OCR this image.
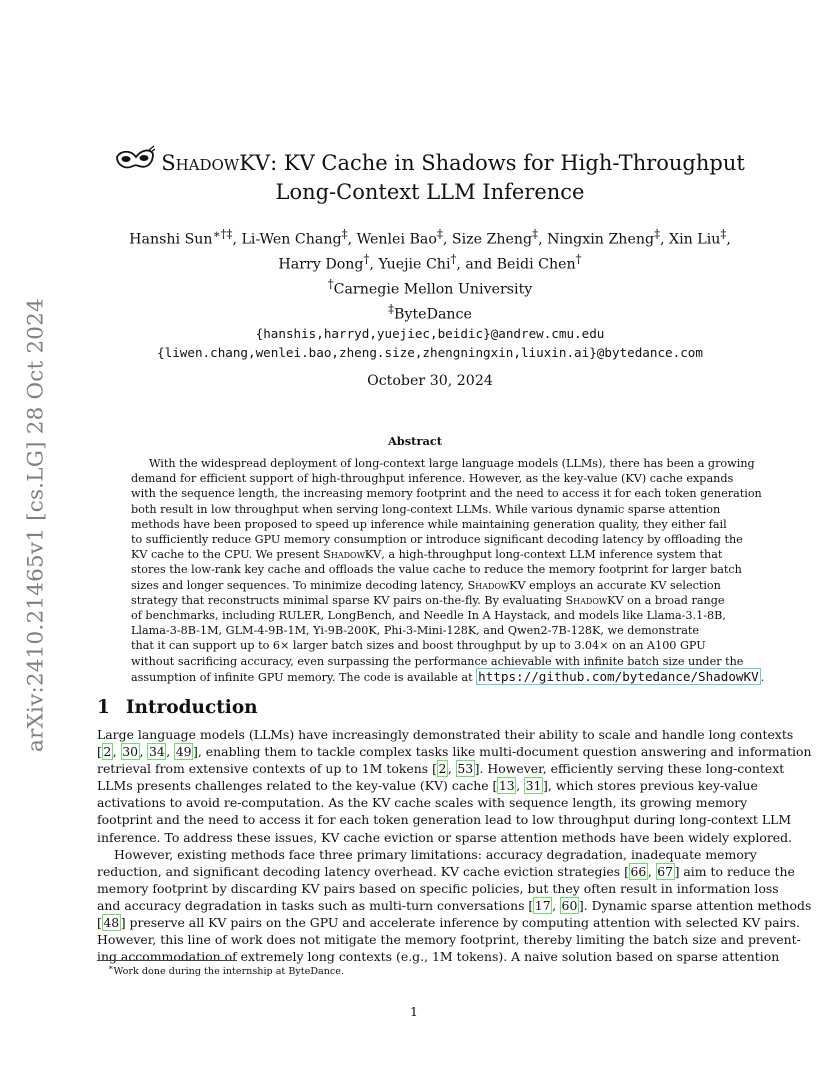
arXiv:2410.21465v1 [cs.LG] 28 Oct 2024
ShadowKV: KV Cache in Shadows for High-Throughput
Long-Context LLM Inference
Hanshi Sun∗†‡, Li-Wen Chang‡, Wenlei Bao‡, Size Zheng‡, Ningxin Zheng‡, Xin Liu‡,
Harry Dong†, Yuejie Chi†, and Beidi Chen†
†Carnegie Mellon University
‡ByteDance
{hanshis,harryd,yuejiec,beidic}@andrew.cmu.edu
{liwen.chang,wenlei.bao,zheng.size,zhengningxin,liuxin.ai}@bytedance.com
October 30, 2024
Abstract
With the widespread deployment of long-context large language models (LLMs), there has been a growing
demand for efficient support of high-throughput inference. However, as the key-value (KV) cache expands
with the sequence length, the increasing memory footprint and the need to access it for each token generation
both result in low throughput when serving long-context LLMs. While various dynamic sparse attention
methods have been proposed to speed up inference while maintaining generation quality, they either fail
to sufficiently reduce GPU memory consumption or introduce significant decoding latency by offloading the
KV cache to the CPU. We present ShadowKV, a high-throughput long-context LLM inference system that
stores the low-rank key cache and offloads the value cache to reduce the memory footprint for larger batch
sizes and longer sequences. To minimize decoding latency, ShadowKV employs an accurate KV selection
strategy that reconstructs minimal sparse KV pairs on-the-fly. By evaluating ShadowKV on a broad range
of benchmarks, including RULER, LongBench, and Needle In A Haystack, and models like Llama-3.1-8B,
Llama-3-8B-1M, GLM-4-9B-1M, Yi-9B-200K, Phi-3-Mini-128K, and Qwen2-7B-128K, we demonstrate
that it can support up to 6× larger batch sizes and boost throughput by up to 3.04× on an A100 GPU
without sacrificing accuracy, even surpassing the performance achievable with infinite batch size under the
assumption of infinite GPU memory. The code is available at https://github.com/bytedance/ShadowKV .
1 Introduction
Large language models (LLMs) have increasingly demonstrated their ability to scale and handle long contexts
[ 2 , 30 , 34 , 49 ], enabling them to tackle complex tasks like multi-document question answering and information
retrieval from extensive contexts of up to 1M tokens [ 2 , 53 ]. However, efficiently serving these long-context
LLMs presents challenges related to the key-value (KV) cache [ 13 , 31 ], which stores previous key-value
activations to avoid re-computation. As the KV cache scales with sequence length, its growing memory
footprint and the need to access it for each token generation lead to low throughput during long-context LLM
inference. To address these issues, KV cache eviction or sparse attention methods have been widely explored.
However, existing methods face three primary limitations: accuracy degradation, inadequate memory
reduction, and significant decoding latency overhead. KV cache eviction strategies [ 66 , 67 ] aim to reduce the
memory footprint by discarding KV pairs based on specific policies, but they often result in information loss
and accuracy degradation in tasks such as multi-turn conversations [ 17 , 60 ]. Dynamic sparse attention methods
[ 48 ] preserve all KV pairs on the GPU and accelerate inference by computing attention with selected KV pairs.
However, this line of work does not mitigate the memory footprint, thereby limiting the batch size and prevent-
ing accommodation of extremely long contexts (e.g., 1M tokens). A naive solution based on sparse attention
∗Work done during the internship at ByteDance.
1
